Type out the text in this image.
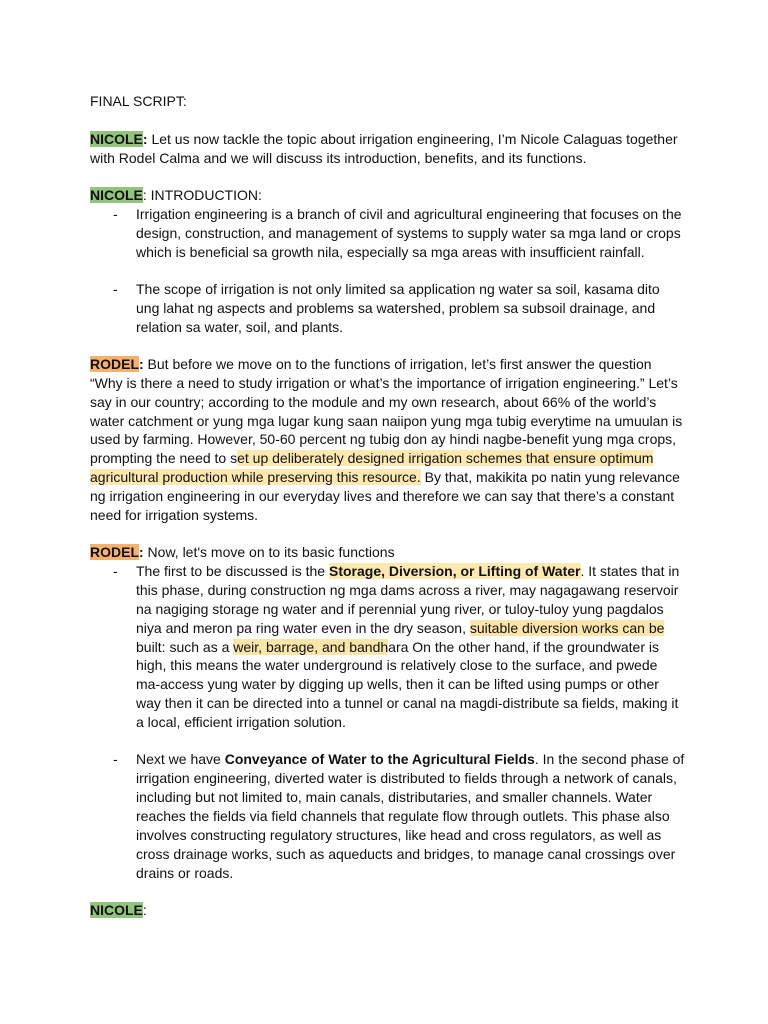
FINAL SCRIPT:
NICOLE: Let us now tackle the topic about irrigation engineering, I’m Nicole Calaguas together
with Rodel Calma and we will discuss its introduction, benefits, and its functions.
NICOLE: INTRODUCTION:
- Irrigation engineering is a branch of civil and agricultural engineering that focuses on the
design, construction, and management of systems to supply water sa mga land or crops
which is beneficial sa growth nila, especially sa mga areas with insufficient rainfall.
- The scope of irrigation is not only limited sa application ng water sa soil, kasama dito
ung lahat ng aspects and problems sa watershed, problem sa subsoil drainage, and
relation sa water, soil, and plants.
RODEL: But before we move on to the functions of irrigation, let’s first answer the question
“Why is there a need to study irrigation or what’s the importance of irrigation engineering.” Let’s
say in our country; according to the module and my own research, about 66% of the world’s
water catchment or yung mga lugar kung saan naiipon yung mga tubig everytime na umuulan is
used by farming. However, 50-60 percent ng tubig don ay hindi nagbe-benefit yung mga crops,
prompting the need to set up deliberately designed irrigation schemes that ensure optimum
agricultural production while preserving this resource. By that, makikita po natin yung relevance
ng irrigation engineering in our everyday lives and therefore we can say that there’s a constant
need for irrigation systems.
RODEL: Now, let's move on to its basic functions
- The first to be discussed is the Storage, Diversion, or Lifting of Water. It states that in
this phase, during construction ng mga dams across a river, may nagagawang reservoir
na nagiging storage ng water and if perennial yung river, or tuloy-tuloy yung pagdalos
niya and meron pa ring water even in the dry season, suitable diversion works can be
built: such as a weir, barrage, and bandhara On the other hand, if the groundwater is
high, this means the water underground is relatively close to the surface, and pwede
ma-access yung water by digging up wells, then it can be lifted using pumps or other
way then it can be directed into a tunnel or canal na magdi-distribute sa fields, making it
a local, efficient irrigation solution.
- Next we have Conveyance of Water to the Agricultural Fields. In the second phase of
irrigation engineering, diverted water is distributed to fields through a network of canals,
including but not limited to, main canals, distributaries, and smaller channels. Water
reaches the fields via field channels that regulate flow through outlets. This phase also
involves constructing regulatory structures, like head and cross regulators, as well as
cross drainage works, such as aqueducts and bridges, to manage canal crossings over
drains or roads.
NICOLE:
